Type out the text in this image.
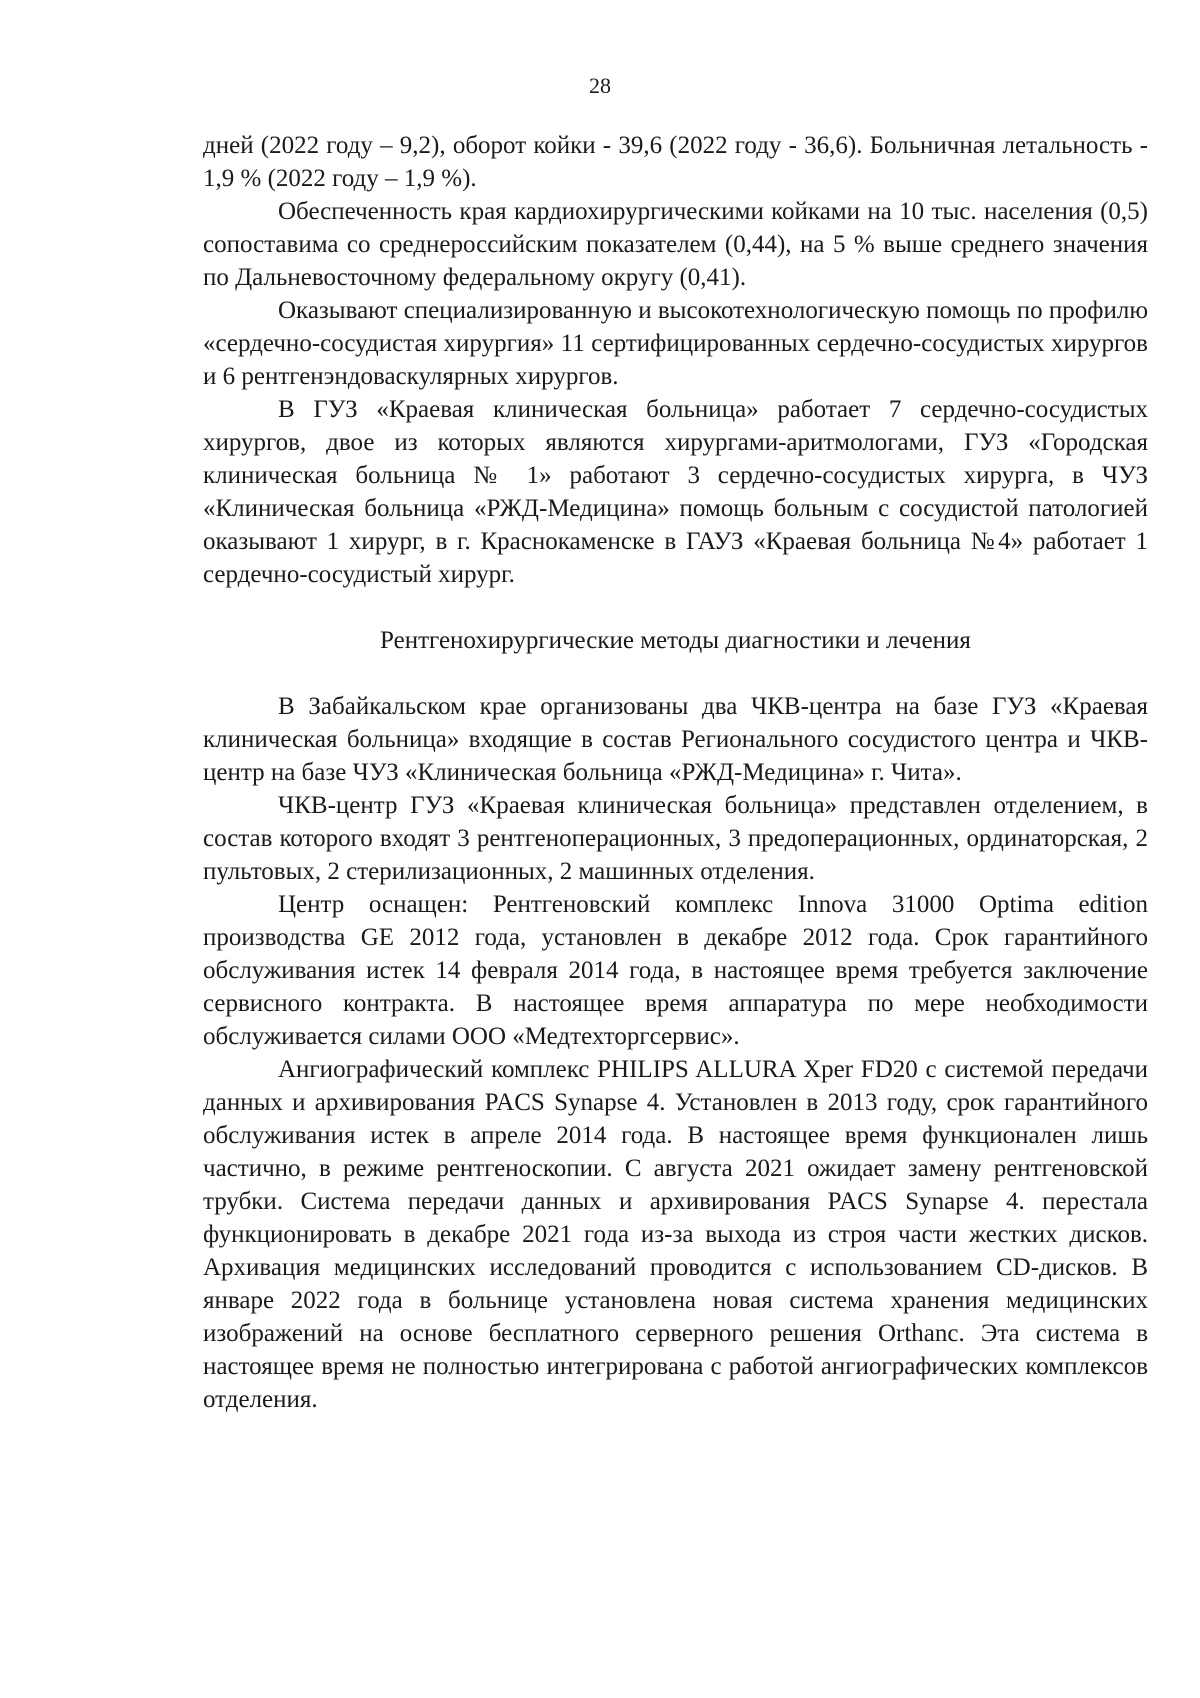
28

дней (2022 году – 9,2), оборот койки - 39,6 (2022 году - 36,6). Больничная летальность - 1,9 % (2022 году – 1,9 %).

Обеспеченность края кардиохирургическими койками на 10 тыс. населения (0,5) сопоставима со среднероссийским показателем (0,44), на 5 % выше среднего значения по Дальневосточному федеральному округу (0,41).

Оказывают специализированную и высокотехнологическую помощь по профилю «сердечно-сосудистая хирургия» 11 сертифицированных сердечно-сосудистых хирургов и 6 рентгенэндоваскулярных хирургов.

В ГУЗ «Краевая клиническая больница» работает 7 сердечно-сосудистых хирургов, двое из которых являются хирургами-аритмологами, ГУЗ «Городская клиническая больница № 1» работают 3 сердечно-сосудистых хирурга, в ЧУЗ «Клиническая больница «РЖД-Медицина» помощь больным с сосудистой патологией оказывают 1 хирург, в г. Краснокаменске в ГАУЗ «Краевая больница №4» работает 1 сердечно-сосудистый хирург.

Рентгенохирургические методы диагностики и лечения

В Забайкальском крае организованы два ЧКВ-центра на базе ГУЗ «Краевая клиническая больница» входящие в состав Регионального сосудистого центра и ЧКВ-центр на базе ЧУЗ «Клиническая больница «РЖД-Медицина» г. Чита».

ЧКВ-центр ГУЗ «Краевая клиническая больница» представлен отделением, в состав которого входят 3 рентгеноперационных, 3 предоперационных, ординаторская, 2 пультовых, 2 стерилизационных, 2 машинных отделения.

Центр оснащен: Рентгеновский комплекс Innova 31000 Optima edition производства GE 2012 года, установлен в декабре 2012 года. Срок гарантийного обслуживания истек 14 февраля 2014 года, в настоящее время требуется заключение сервисного контракта. В настоящее время аппаратура по мере необходимости обслуживается силами ООО «Медтехторгсервис».

Ангиографический комплекс PHILIPS ALLURA Xper FD20 с системой передачи данных и архивирования PACS Synapse 4. Установлен в 2013 году, срок гарантийного обслуживания истек в апреле 2014 года. В настоящее время функционален лишь частично, в режиме рентгеноскопии. С августа 2021 ожидает замену рентгеновской трубки. Система передачи данных и архивирования PACS Synapse 4. перестала функционировать в декабре 2021 года из-за выхода из строя части жестких дисков. Архивация медицинских исследований проводится с использованием CD-дисков. В январе 2022 года в больнице установлена новая система хранения медицинских изображений на основе бесплатного серверного решения Orthanc. Эта система в настоящее время не полностью интегрирована с работой ангиографических комплексов отделения.
